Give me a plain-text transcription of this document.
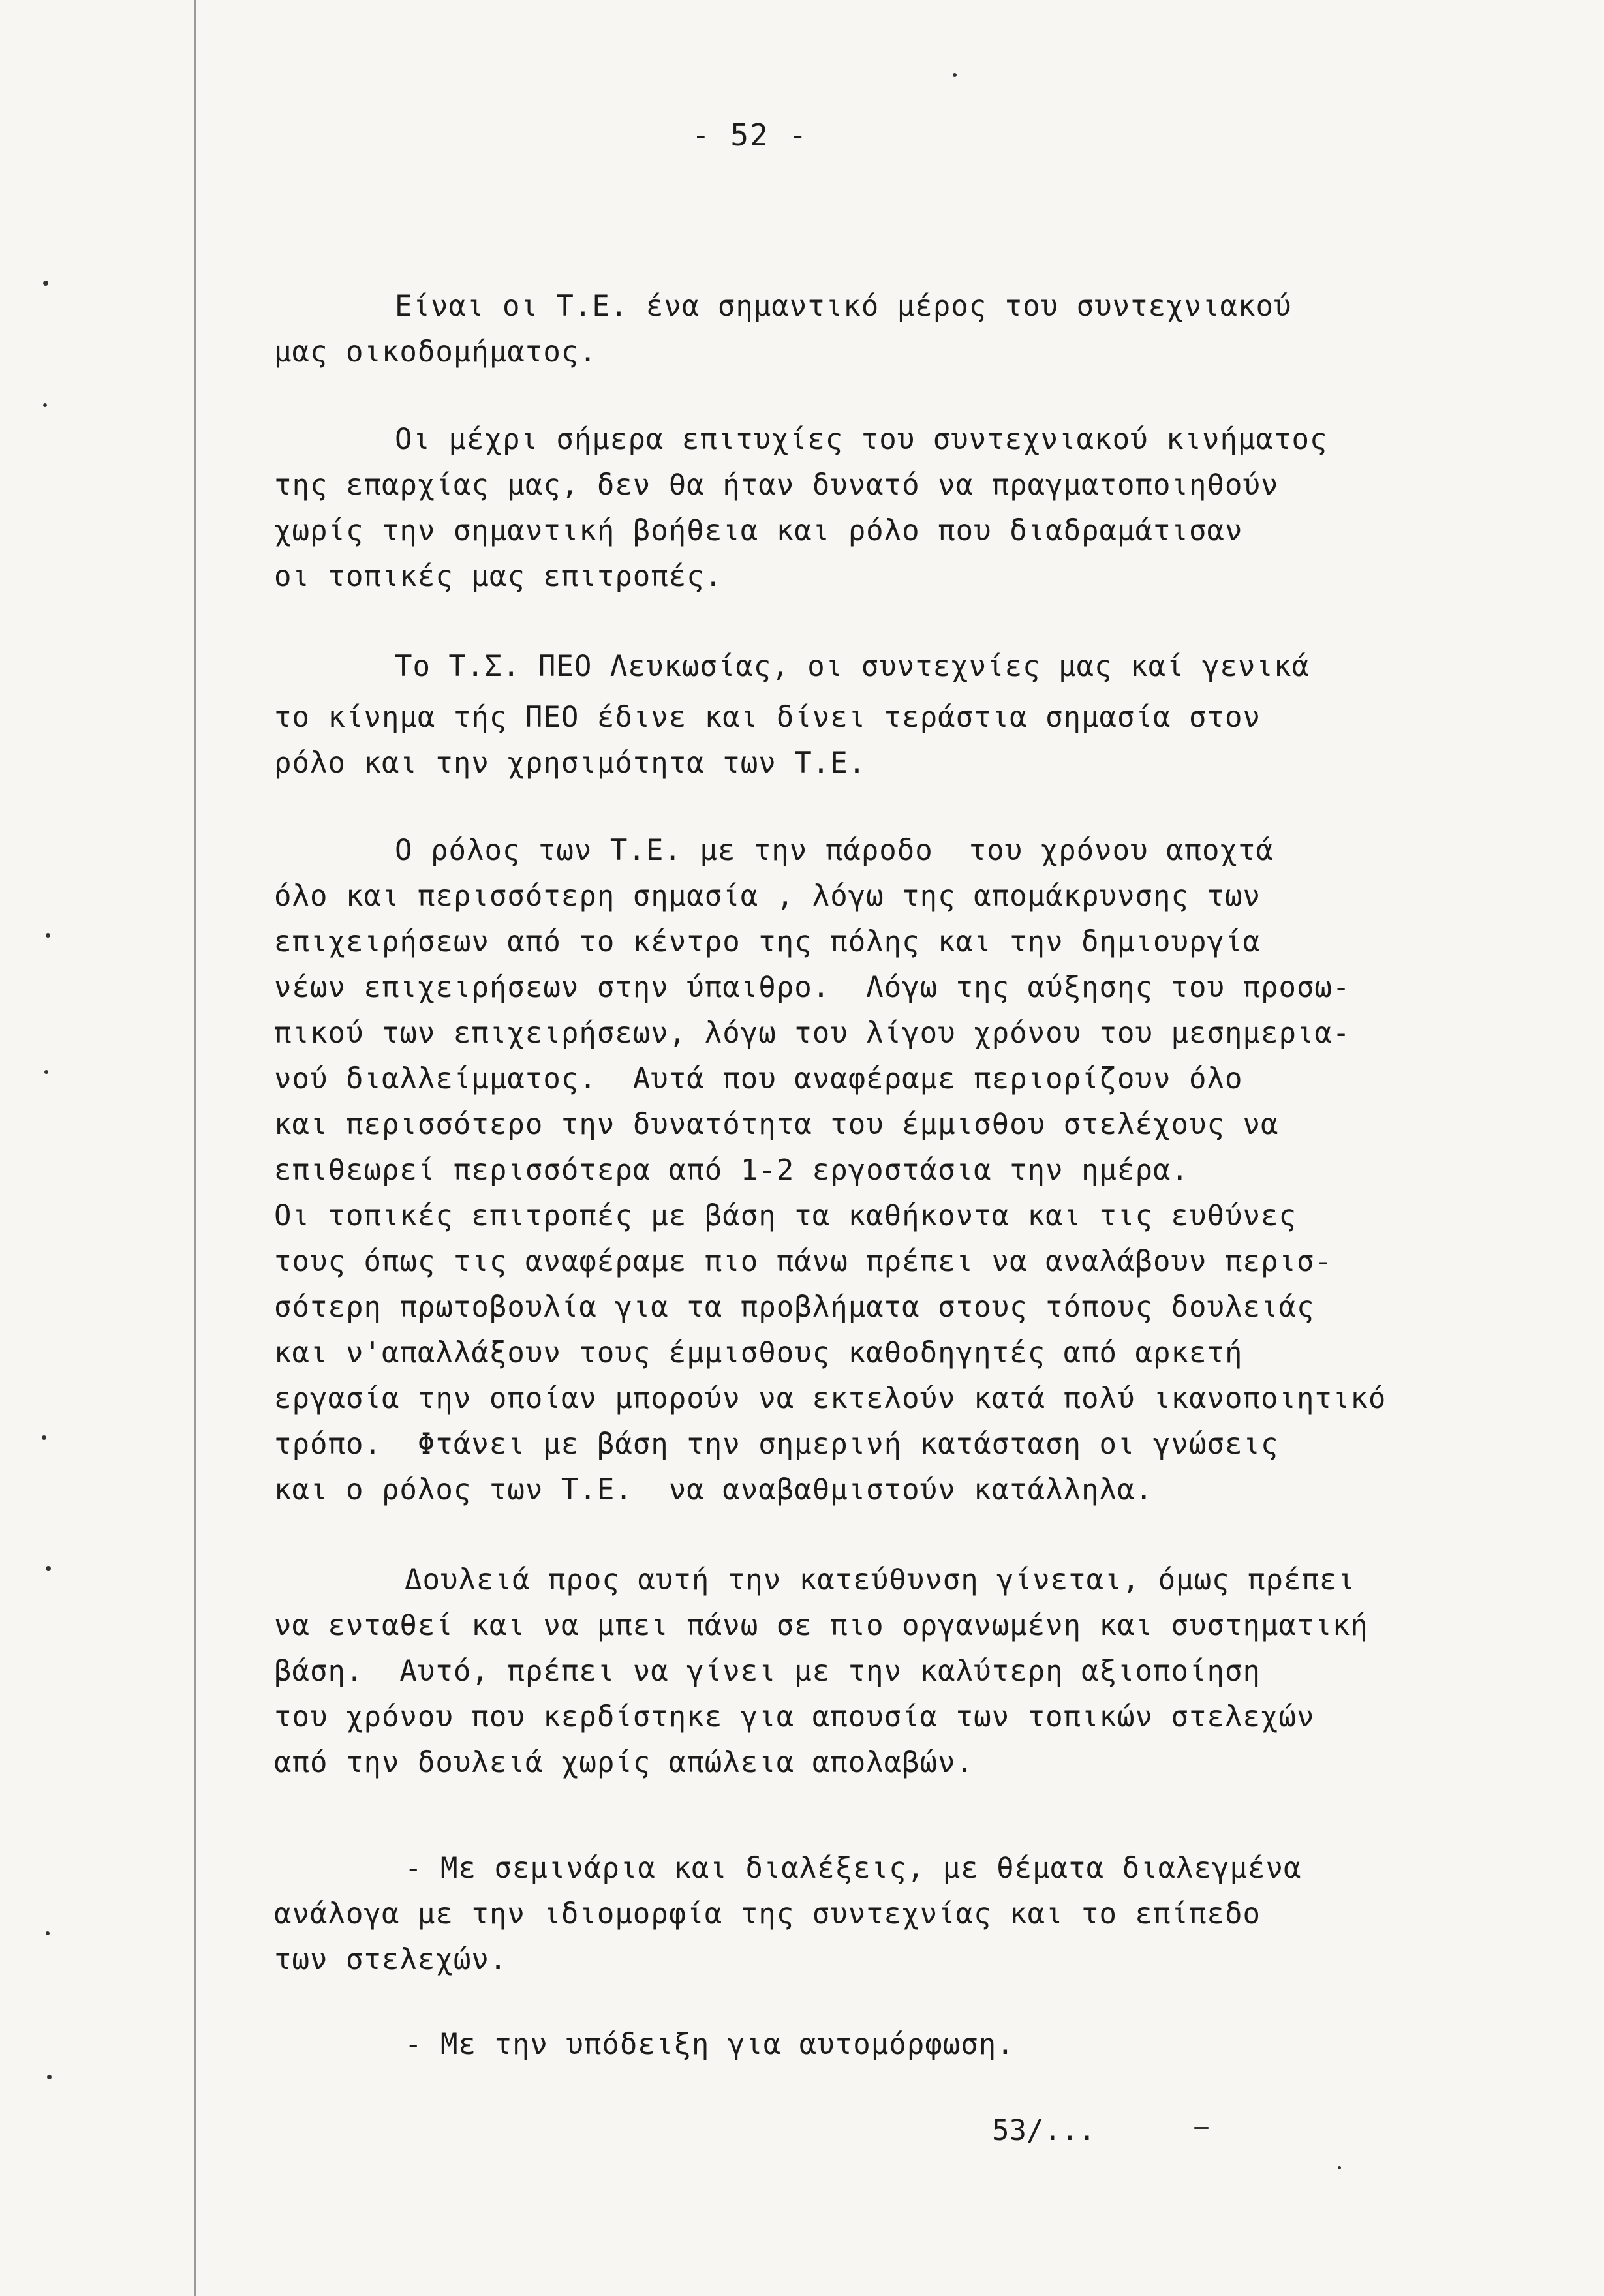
- 52 -
Είναι οι Τ.Ε. ένα σημαντικό μέρος του συντεχνιακού
μας οικοδομήματος.
Οι μέχρι σήμερα επιτυχίες του συντεχνιακού κινήματος
της επαρχίας μας, δεν θα ήταν δυνατό να πραγματοποιηθούν
χωρίς την σημαντική βοήθεια και ρόλο που διαδραμάτισαν
οι τοπικές μας επιτροπές.
Το Τ.Σ. ΠΕΟ Λευκωσίας, οι συντεχνίες μας καί γενικά
το κίνημα τής ΠΕΟ έδινε και δίνει τεράστια σημασία στον
ρόλο και την χρησιμότητα των Τ.Ε.
Ο ρόλος των Τ.Ε. με την πάροδο  του χρόνου αποχτά
όλο και περισσότερη σημασία , λόγω της απομάκρυνσης των
επιχειρήσεων από το κέντρο της πόλης και την δημιουργία
νέων επιχειρήσεων στην ύπαιθρο.  Λόγω της αύξησης του προσω-
πικού των επιχειρήσεων, λόγω του λίγου χρόνου του μεσημερια-
νού διαλλείμματος.  Αυτά που αναφέραμε περιορίζουν όλο
και περισσότερο την δυνατότητα του έμμισθου στελέχους να
επιθεωρεί περισσότερα από 1-2 εργοστάσια την ημέρα.
Οι τοπικές επιτροπές με βάση τα καθήκοντα και τις ευθύνες
τους όπως τις αναφέραμε πιο πάνω πρέπει να αναλάβουν περισ-
σότερη πρωτοβουλία για τα προβλήματα στους τόπους δουλειάς
και ν'απαλλάξουν τους έμμισθους καθοδηγητές από αρκετή
εργασία την οποίαν μπορούν να εκτελούν κατά πολύ ικανοποιητικό
τρόπο.  Φτάνει με βάση την σημερινή κατάσταση οι γνώσεις
και ο ρόλος των Τ.Ε.  να αναβαθμιστούν κατάλληλα.
Δουλειά προς αυτή την κατεύθυνση γίνεται, όμως πρέπει
να ενταθεί και να μπει πάνω σε πιο οργανωμένη και συστηματική
βάση.  Αυτό, πρέπει να γίνει με την καλύτερη αξιοποίηση
του χρόνου που κερδίστηκε για απουσία των τοπικών στελεχών
από την δουλειά χωρίς απώλεια απολαβών.
- Με σεμινάρια και διαλέξεις, με θέματα διαλεγμένα
ανάλογα με την ιδιομορφία της συντεχνίας και το επίπεδο
των στελεχών.
- Με την υπόδειξη για αυτομόρφωση.
53/...
